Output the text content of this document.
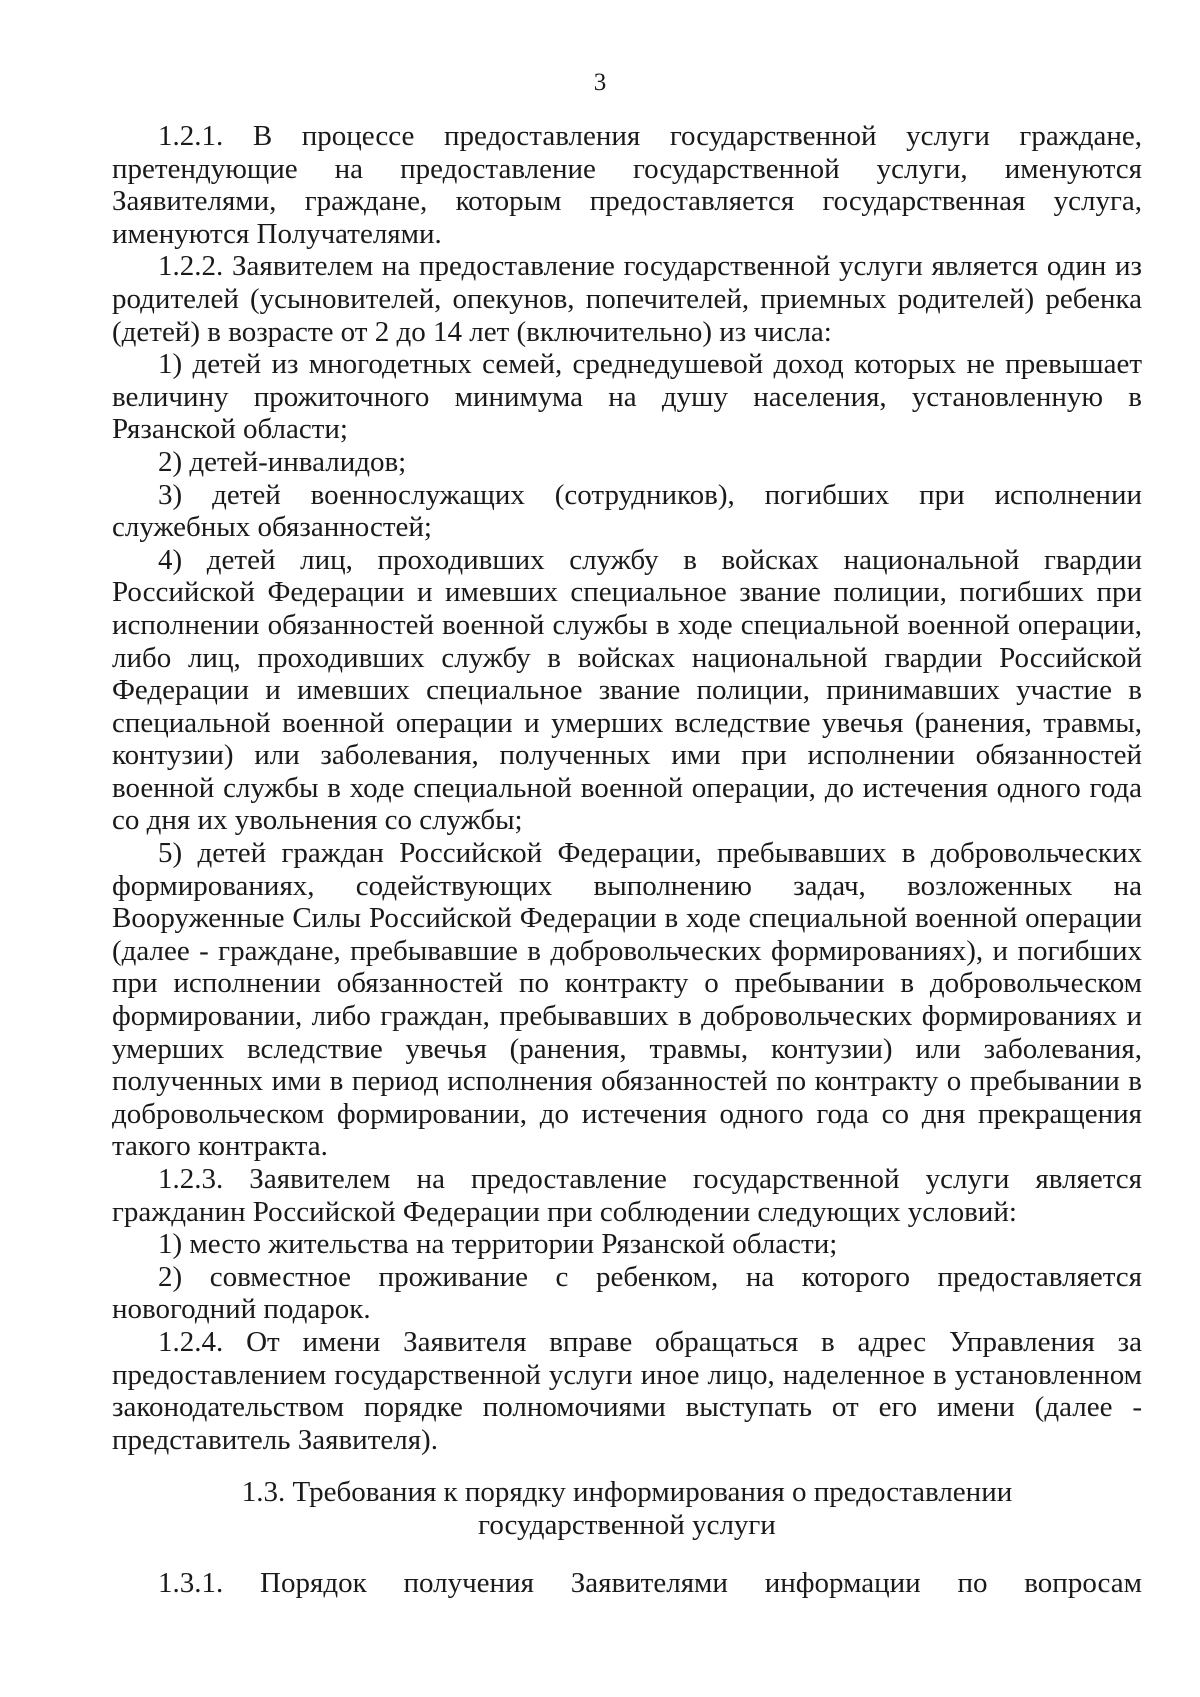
3

1.2.1. В процессе предоставления государственной услуги граждане, претендующие на предоставление государственной услуги, именуются Заявителями, граждане, которым предоставляется государственная услуга, именуются Получателями.

1.2.2. Заявителем на предоставление государственной услуги является один из родителей (усыновителей, опекунов, попечителей, приемных родителей) ребенка (детей) в возрасте от 2 до 14 лет (включительно) из числа:

1) детей из многодетных семей, среднедушевой доход которых не превышает величину прожиточного минимума на душу населения, установленную в Рязанской области;

2) детей-инвалидов;

3) детей военнослужащих (сотрудников), погибших при исполнении служебных обязанностей;

4) детей лиц, проходивших службу в войсках национальной гвардии Российской Федерации и имевших специальное звание полиции, погибших при исполнении обязанностей военной службы в ходе специальной военной операции, либо лиц, проходивших службу в войсках национальной гвардии Российской Федерации и имевших специальное звание полиции, принимавших участие в специальной военной операции и умерших вследствие увечья (ранения, травмы, контузии) или заболевания, полученных ими при исполнении обязанностей военной службы в ходе специальной военной операции, до истечения одного года со дня их увольнения со службы;

5) детей граждан Российской Федерации, пребывавших в добровольческих формированиях, содействующих выполнению задач, возложенных на Вооруженные Силы Российской Федерации в ходе специальной военной операции (далее - граждане, пребывавшие в добровольческих формированиях), и погибших при исполнении обязанностей по контракту о пребывании в добровольческом формировании, либо граждан, пребывавших в добровольческих формированиях и умерших вследствие увечья (ранения, травмы, контузии) или заболевания, полученных ими в период исполнения обязанностей по контракту о пребывании в добровольческом формировании, до истечения одного года со дня прекращения такого контракта.

1.2.3. Заявителем на предоставление государственной услуги является гражданин Российской Федерации при соблюдении следующих условий:

1) место жительства на территории Рязанской области;

2) совместное проживание с ребенком, на которого предоставляется новогодний подарок.

1.2.4. От имени Заявителя вправе обращаться в адрес Управления за предоставлением государственной услуги иное лицо, наделенное в установленном законодательством порядке полномочиями выступать от его имени (далее - представитель Заявителя).

1.3. Требования к порядку информирования о предоставлении
государственной услуги
1.3.1. Порядок получения Заявителями информации по вопросам
